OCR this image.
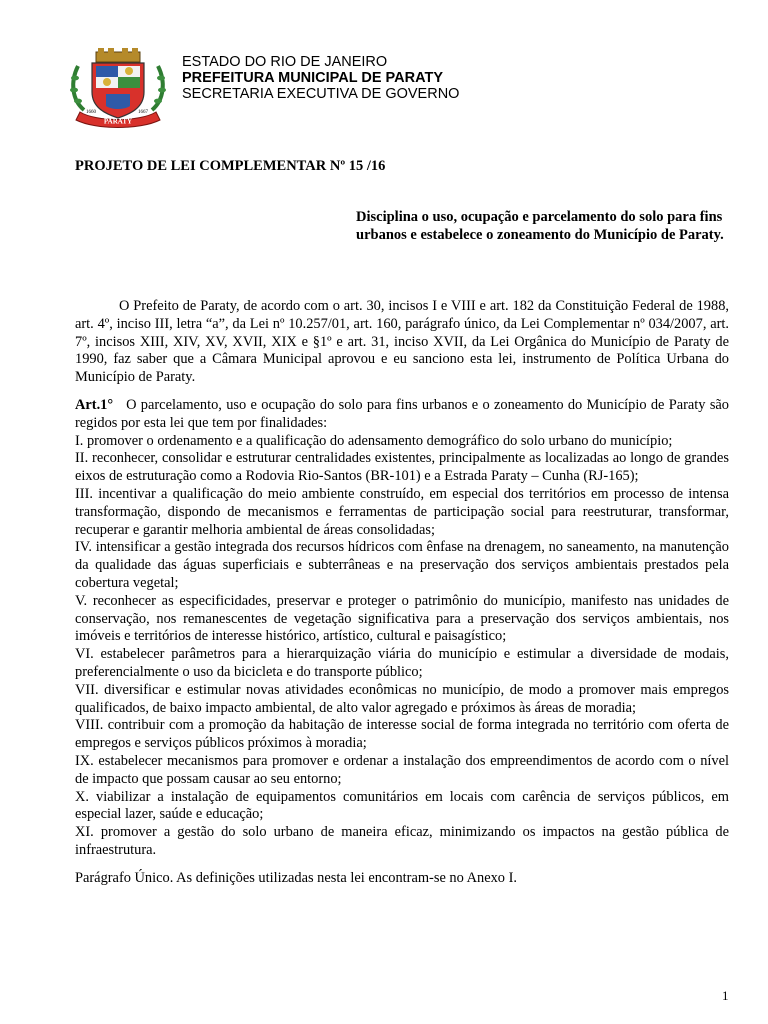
PARATY
1660	1667
ESTADO DO RIO DE JANEIRO
PREFEITURA MUNICIPAL DE PARATY
SECRETARIA EXECUTIVA DE GOVERNO
PROJETO DE LEI COMPLEMENTAR Nº 15 /16
Disciplina o uso, ocupação e parcelamento do solo para fins urbanos e estabelece o zoneamento do Município de Paraty.

O Prefeito de Paraty, de acordo com o art. 30, incisos I e VIII e art. 182 da Constituição Federal de 1988, art. 4º, inciso III, letra “a”, da Lei nº 10.257/01, art. 160, parágrafo único, da Lei Complementar nº 034/2007, art. 7º, incisos XIII, XIV, XV, XVII, XIX e §1º e art. 31, inciso XVII, da Lei Orgânica do Município de Paraty de 1990, faz saber que a Câmara Municipal aprovou e eu sanciono esta lei, instrumento de Política Urbana do Município de Paraty.

Art.1° O parcelamento, uso e ocupação do solo para fins urbanos e o zoneamento do Município de Paraty são regidos por esta lei que tem por finalidades:

I. promover o ordenamento e a qualificação do adensamento demográfico do solo urbano do município;

II. reconhecer, consolidar e estruturar centralidades existentes, principalmente as localizadas ao longo de grandes eixos de estruturação como a Rodovia Rio-Santos (BR-101) e a Estrada Paraty – Cunha (RJ-165);

III. incentivar a qualificação do meio ambiente construído, em especial dos territórios em processo de intensa transformação, dispondo de mecanismos e ferramentas de participação social para reestruturar, transformar, recuperar e garantir melhoria ambiental de áreas consolidadas;

IV. intensificar a gestão integrada dos recursos hídricos com ênfase na drenagem, no saneamento, na manutenção da qualidade das águas superficiais e subterrâneas e na preservação dos serviços ambientais prestados pela cobertura vegetal;

V. reconhecer as especificidades, preservar e proteger o patrimônio do município, manifesto nas unidades de conservação, nos remanescentes de vegetação significativa para a preservação dos serviços ambientais, nos imóveis e territórios de interesse histórico, artístico, cultural e paisagístico;

VI. estabelecer parâmetros para a hierarquização viária do município e estimular a diversidade de modais, preferencialmente o uso da bicicleta e do transporte público;

VII. diversificar e estimular novas atividades econômicas no município, de modo a promover mais empregos qualificados, de baixo impacto ambiental, de alto valor agregado e próximos às áreas de moradia;

VIII. contribuir com a promoção da habitação de interesse social de forma integrada no território com oferta de empregos e serviços públicos próximos à moradia;

IX. estabelecer mecanismos para promover e ordenar a instalação dos empreendimentos de acordo com o nível de impacto que possam causar ao seu entorno;

X. viabilizar a instalação de equipamentos comunitários em locais com carência de serviços públicos, em especial lazer, saúde e educação;

XI. promover a gestão do solo urbano de maneira eficaz, minimizando os impactos na gestão pública de infraestrutura.

Parágrafo Único. As definições utilizadas nesta lei encontram-se no Anexo I.

1
